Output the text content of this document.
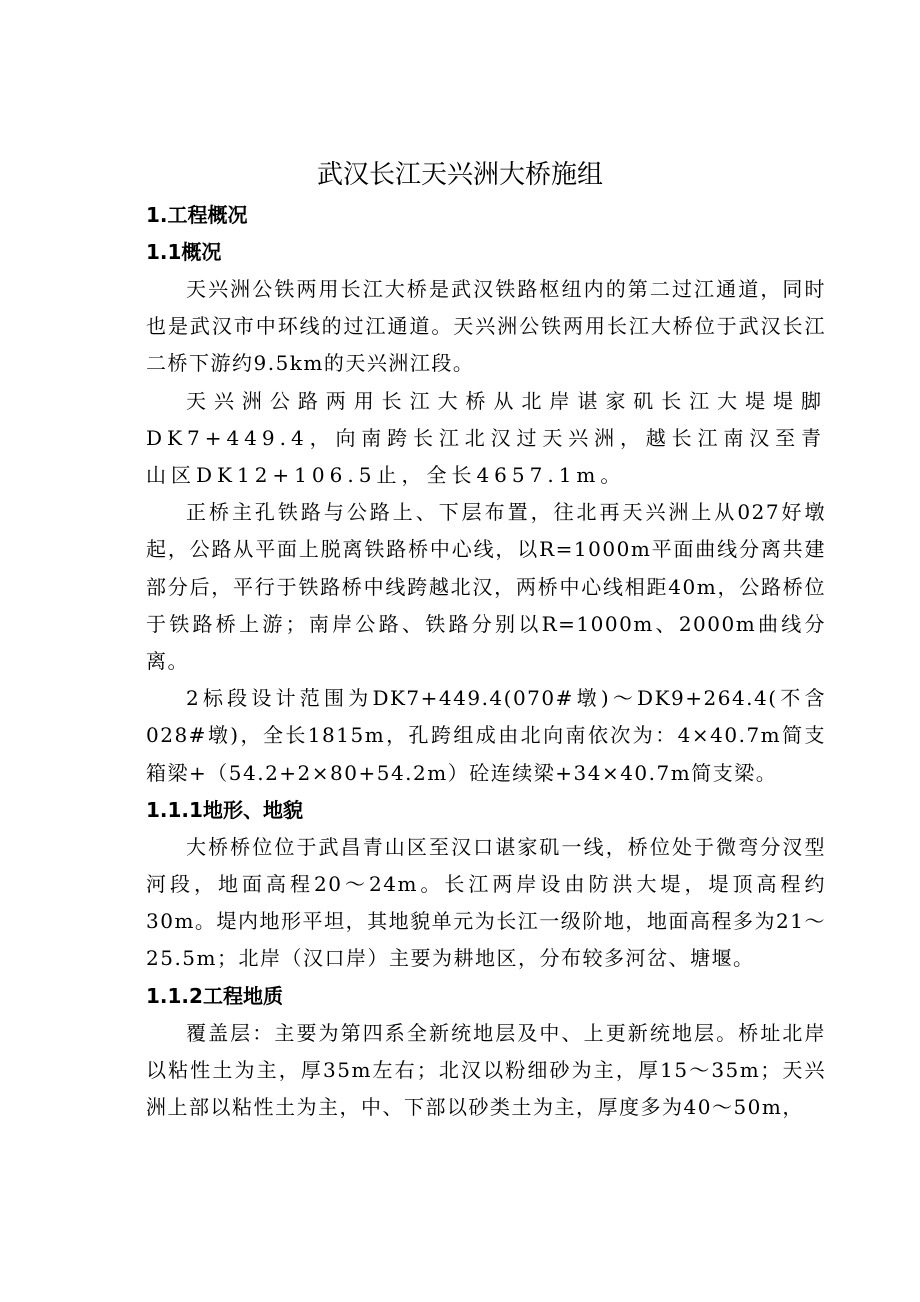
武汉长江天兴洲大桥施组
1.工程概况
1.1概况

天兴洲公铁两用长江大桥是武汉铁路枢纽内的第二过江通道，同时也是武汉市中环线的过江通道。天兴洲公铁两用长江大桥位于武汉长江二桥下游约9.5km的天兴洲江段。

天兴洲公路两用长江大桥从北岸谌家矶长江大堤堤脚DK7+449.4，向南跨长江北汉过天兴洲，越长江南汉至青山区DK12+106.5止，全长4657.1m。

正桥主孔铁路与公路上、下层布置，往北再天兴洲上从027好墩起，公路从平面上脱离铁路桥中心线，以R=1000m平面曲线分离共建部分后，平行于铁路桥中线跨越北汉，两桥中心线相距40m，公路桥位于铁路桥上游；南岸公路、铁路分别以R=1000m、2000m曲线分离。

2标段设计范围为DK7+449.4(070#墩)～DK9+264.4(不含028#墩)，全长1815m，孔跨组成由北向南依次为：4×40.7m简支箱梁+（54.2+2×80+54.2m）砼连续梁+34×40.7m简支梁。

1.1.1地形、地貌

大桥桥位位于武昌青山区至汉口谌家矶一线，桥位处于微弯分汊型河段，地面高程20～24m。长江两岸设由防洪大堤，堤顶高程约30m。堤内地形平坦，其地貌单元为长江一级阶地，地面高程多为21～25.5m；北岸（汉口岸）主要为耕地区，分布较多河岔、塘堰。

1.1.2工程地质

覆盖层：主要为第四系全新统地层及中、上更新统地层。桥址北岸以粘性土为主，厚35m左右；北汉以粉细砂为主，厚15～35m；天兴洲上部以粘性土为主，中、下部以砂类土为主，厚度多为40～50m，
